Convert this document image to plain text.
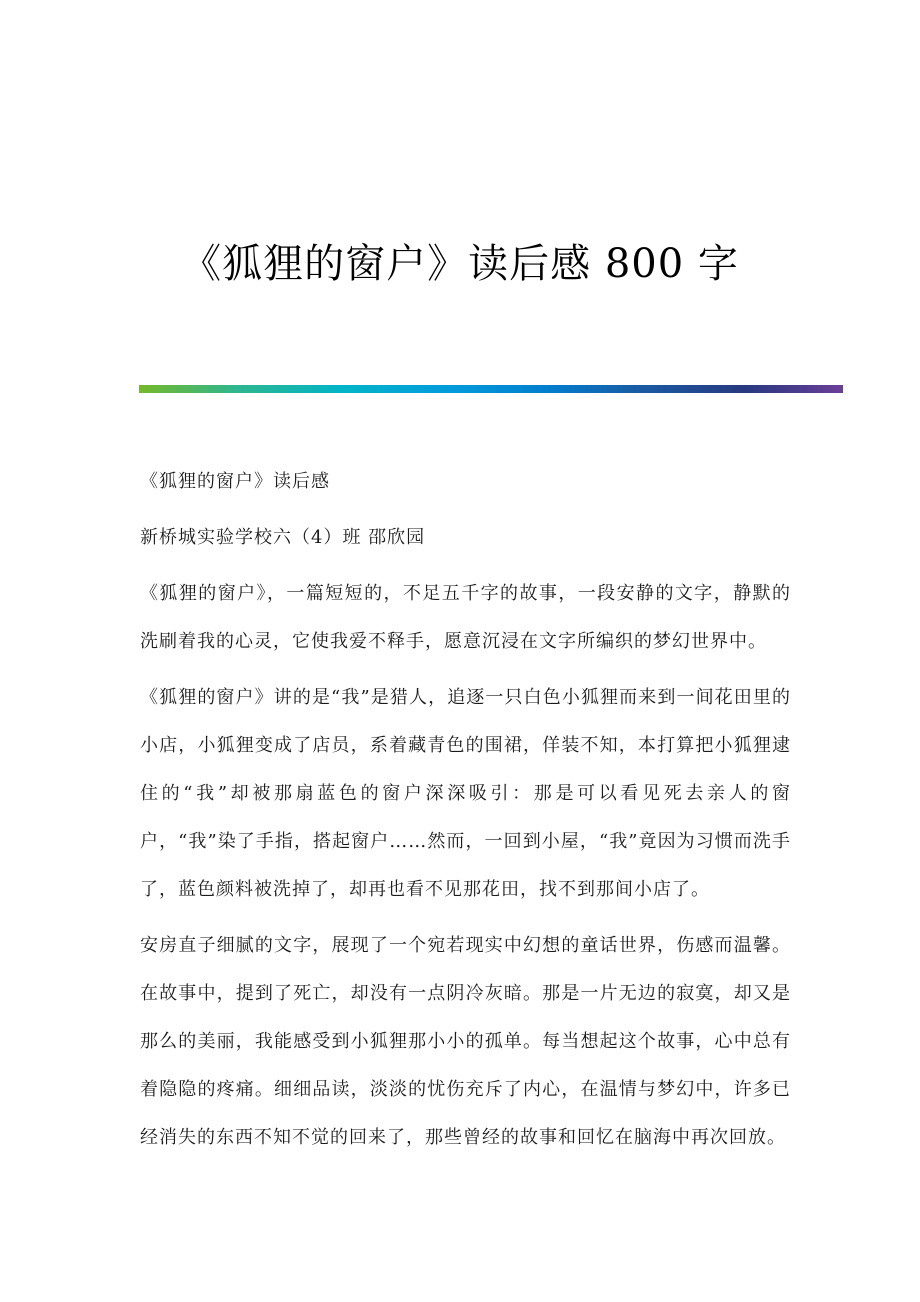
《狐狸的窗户》读后感 800 字

《狐狸的窗户》读后感

新桥城实验学校六（4）班 邵欣园

《狐狸的窗户》，一篇短短的，不足五千字的故事，一段安静的文字，静默的洗刷着我的心灵，它使我爱不释手，愿意沉浸在文字所编织的梦幻世界中。

《狐狸的窗户》讲的是“我”是猎人，追逐一只白色小狐狸而来到一间花田里的小店，小狐狸变成了店员，系着藏青色的围裙，佯装不知，本打算把小狐狸逮住的“我”却被那扇蓝色的窗户深深吸引：那是可以看见死去亲人的窗户，“我”染了手指，搭起窗户……然而，一回到小屋，“我”竟因为习惯而洗手了，蓝色颜料被洗掉了，却再也看不见那花田，找不到那间小店了。

安房直子细腻的文字，展现了一个宛若现实中幻想的童话世界，伤感而温馨。在故事中，提到了死亡，却没有一点阴冷灰暗。那是一片无边的寂寞，却又是那么的美丽，我能感受到小狐狸那小小的孤单。每当想起这个故事，心中总有着隐隐的疼痛。细细品读，淡淡的忧伤充斥了内心，在温情与梦幻中，许多已经消失的东西不知不觉的回来了，那些曾经的故事和回忆在脑海中再次回放。
